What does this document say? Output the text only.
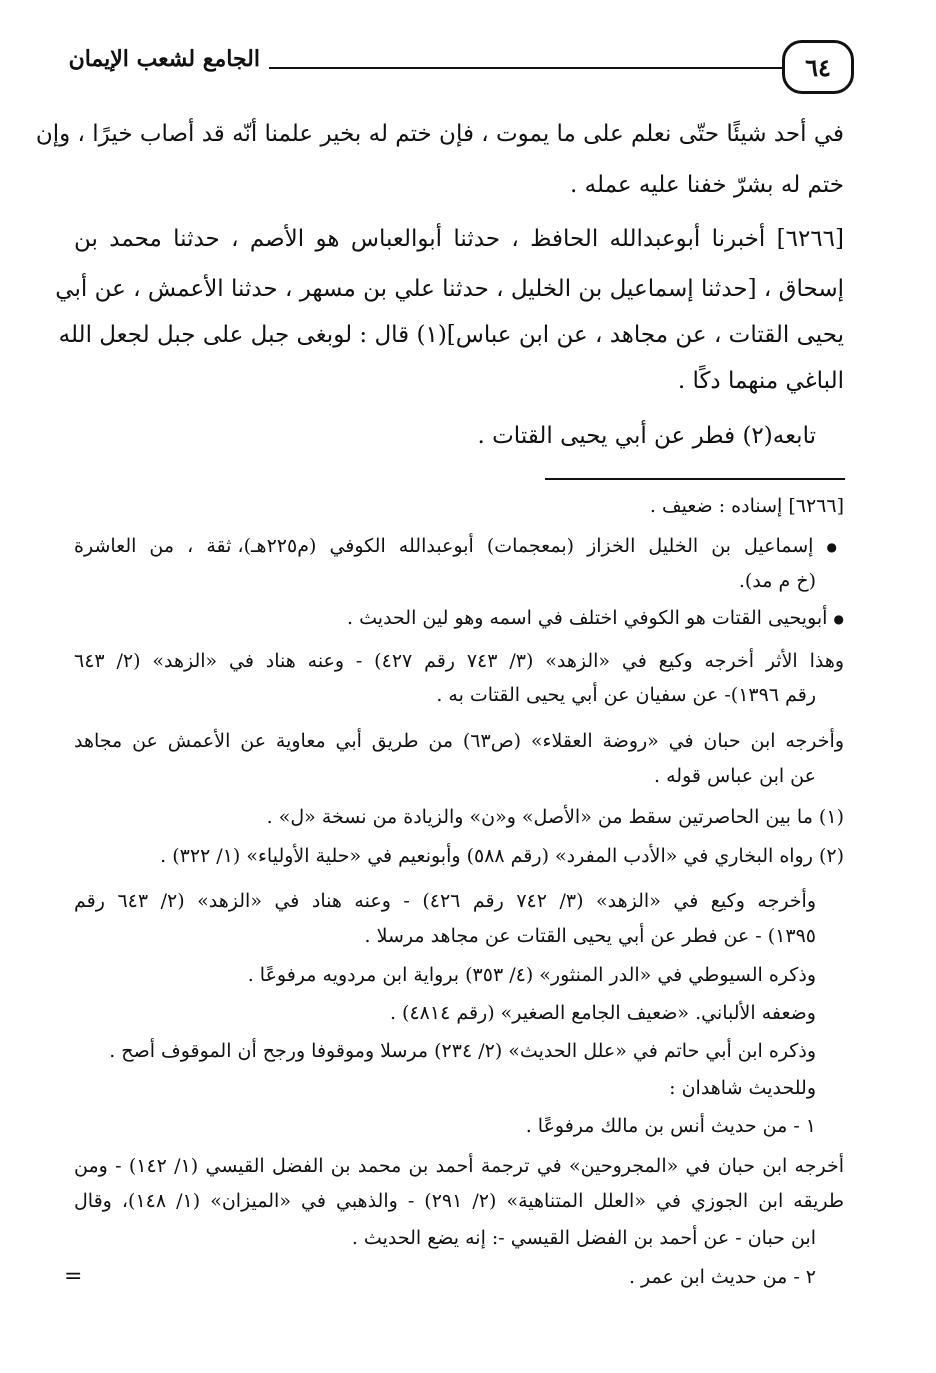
٦٤
الجامع لشعب الإيمان
في أحد شيئًا حتّى نعلم على ما يموت ، فإن ختم له بخير علمنا أنّه قد أصاب خيرًا ، وإن
ختم له بشرّ خفنا عليه عمله .
[٦٢٦٦] أخبرنا أبوعبدالله الحافظ ، حدثنا أبوالعباس هو الأصم ، حدثنا محمد بن
إسحاق ، [حدثنا إسماعيل بن الخليل ، حدثنا علي بن مسهر ، حدثنا الأعمش ، عن أبي
يحيى القتات ، عن مجاهد ، عن ابن عباس](١) قال : لوبغى جبل على جبل لجعل الله
الباغي منهما دكًا .
تابعه(٢) فطر عن أبي يحيى القتات .
[٦٢٦٦] إسناده : ضعيف .
● إسماعيل بن الخليل الخزاز (بمعجمات) أبوعبدالله الكوفي (م٢٢٥هـ)، ثقة ، من العاشرة
(خ م مد).
● أبويحيى القتات هو الكوفي اختلف في اسمه وهو لين الحديث .
وهذا الأثر أخرجه وكيع في «الزهد» (٣/ ٧٤٣ رقم ٤٢٧) - وعنه هناد في «الزهد» (٢/ ٦٤٣
رقم ١٣٩٦)- عن سفيان عن أبي يحيى القتات به .
وأخرجه ابن حبان في «روضة العقلاء» (ص٦٣) من طريق أبي معاوية عن الأعمش عن مجاهد
عن ابن عباس قوله .
(١) ما بين الحاصرتين سقط من «الأصل» و«ن» والزيادة من نسخة «ل» .
(٢) رواه البخاري في «الأدب المفرد» (رقم ٥٨٨) وأبونعيم في «حلية الأولياء» (١/ ٣٢٢) .
وأخرجه وكيع في «الزهد» (٣/ ٧٤٢ رقم ٤٢٦) - وعنه هناد في «الزهد» (٢/ ٦٤٣ رقم
١٣٩٥) - عن فطر عن أبي يحيى القتات عن مجاهد مرسلا .
وذكره السيوطي في «الدر المنثور» (٤/ ٣٥٣) برواية ابن مردويه مرفوعًا .
وضعفه الألباني. «ضعيف الجامع الصغير» (رقم ٤٨١٤) .
وذكره ابن أبي حاتم في «علل الحديث» (٢/ ٢٣٤) مرسلا وموقوفا ورجح أن الموقوف أصح .
وللحديث شاهدان :
١ - من حديث أنس بن مالك مرفوعًا .
أخرجه ابن حبان في «المجروحين» في ترجمة أحمد بن محمد بن الفضل القيسي (١/ ١٤٢) - ومن
طريقه ابن الجوزي في «العلل المتناهية» (٢/ ٢٩١) - والذهبي في «الميزان» (١/ ١٤٨)، وقال
ابن حبان - عن أحمد بن الفضل القيسي -: إنه يضع الحديث .
٢ - من حديث ابن عمر .
=
